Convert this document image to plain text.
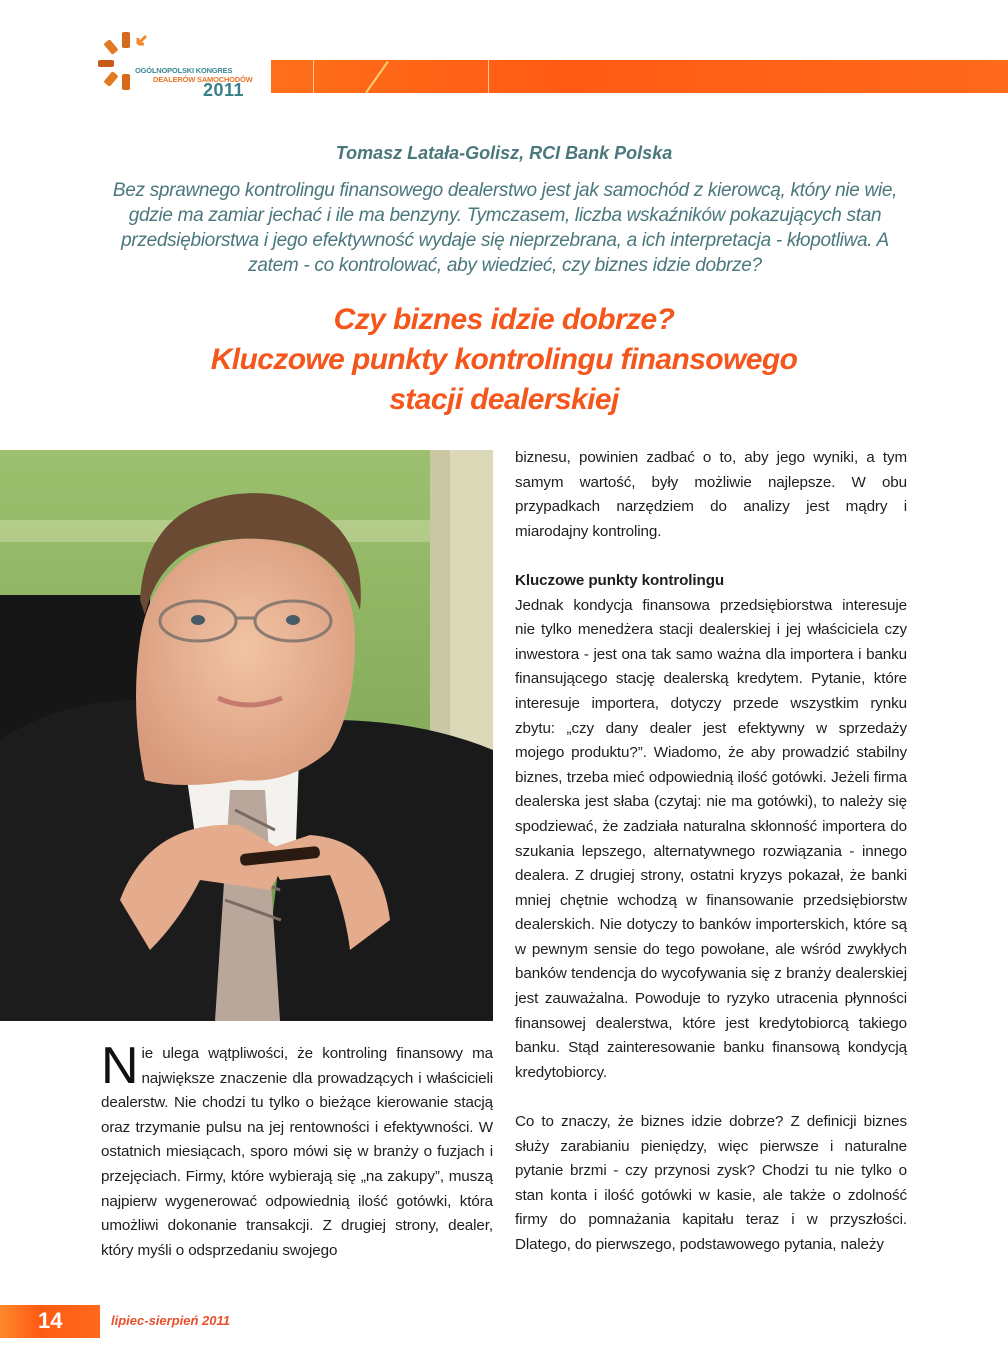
OGÓLNOPOLSKI KONGRES
DEALERÓW SAMOCHODÓW
2011
Tomasz Latała-Golisz, RCI Bank Polska
Bez sprawnego kontrolingu finansowego dealerstwo jest jak samochód z kierowcą, który nie wie, gdzie ma zamiar jechać i ile ma benzyny. Tymczasem, liczba wskaźników pokazujących stan przedsiębiorstwa i jego efektywność wydaje się nieprzebrana, a ich interpretacja - kłopotliwa. A zatem - co kontrolować, aby wiedzieć, czy biznes idzie dobrze?
Czy biznes idzie dobrze?
Kluczowe punkty kontrolingu finansowego
stacji dealerskiej

Nie ulega wątpliwości, że kontroling finansowy ma największe znaczenie dla prowadzących i właścicieli dealerstw. Nie chodzi tu tylko o bieżące kierowanie stacją oraz trzymanie pulsu na jej rentowności i efektywności. W ostatnich miesiącach, sporo mówi się w branży o fuzjach i przejęciach. Firmy, które wybierają się „na zakupy”, muszą najpierw wygenerować odpowiednią ilość gotówki, która umożliwi dokonanie transakcji. Z drugiej strony, dealer, który myśli o odsprzedaniu swojego

biznesu, powinien zadbać o to, aby jego wyniki, a tym samym wartość, były możliwie najlepsze. W obu przypadkach narzędziem do analizy jest mądry i miarodajny kontroling.

Kluczowe punkty kontrolingu

Jednak kondycja finansowa przedsiębiorstwa interesuje nie tylko menedżera stacji dealerskiej i jej właściciela czy inwestora - jest ona tak samo ważna dla importera i banku finansującego stację dealerską kredytem. Pytanie, które interesuje importera, dotyczy przede wszystkim rynku zbytu: „czy dany dealer jest efektywny w sprzedaży mojego produktu?”. Wiadomo, że aby prowadzić stabilny biznes, trzeba mieć odpowiednią ilość gotówki. Jeżeli firma dealerska jest słaba (czytaj: nie ma gotówki), to należy się spodziewać, że zadziała naturalna skłonność importera do szukania lepszego, alternatywnego rozwiązania - innego dealera. Z drugiej strony, ostatni kryzys pokazał, że banki mniej chętnie wchodzą w finansowanie przedsiębiorstw dealerskich. Nie dotyczy to banków importerskich, które są w pewnym sensie do tego powołane, ale wśród zwykłych banków tendencja do wycofywania się z branży dealerskiej jest zauważalna. Powoduje to ryzyko utracenia płynności finansowej dealerstwa, które jest kredytobiorcą takiego banku. Stąd zainteresowanie banku finansową kondycją kredytobiorcy.

Co to znaczy, że biznes idzie dobrze? Z definicji biznes służy zarabianiu pieniędzy, więc pierwsze i naturalne pytanie brzmi - czy przynosi zysk? Chodzi tu nie tylko o stan konta i ilość gotówki w kasie, ale także o zdolność firmy do pomnażania kapitału teraz i w przyszłości. Dlatego, do pierwszego, podstawowego pytania, należy

14	lipiec-sierpień 2011
